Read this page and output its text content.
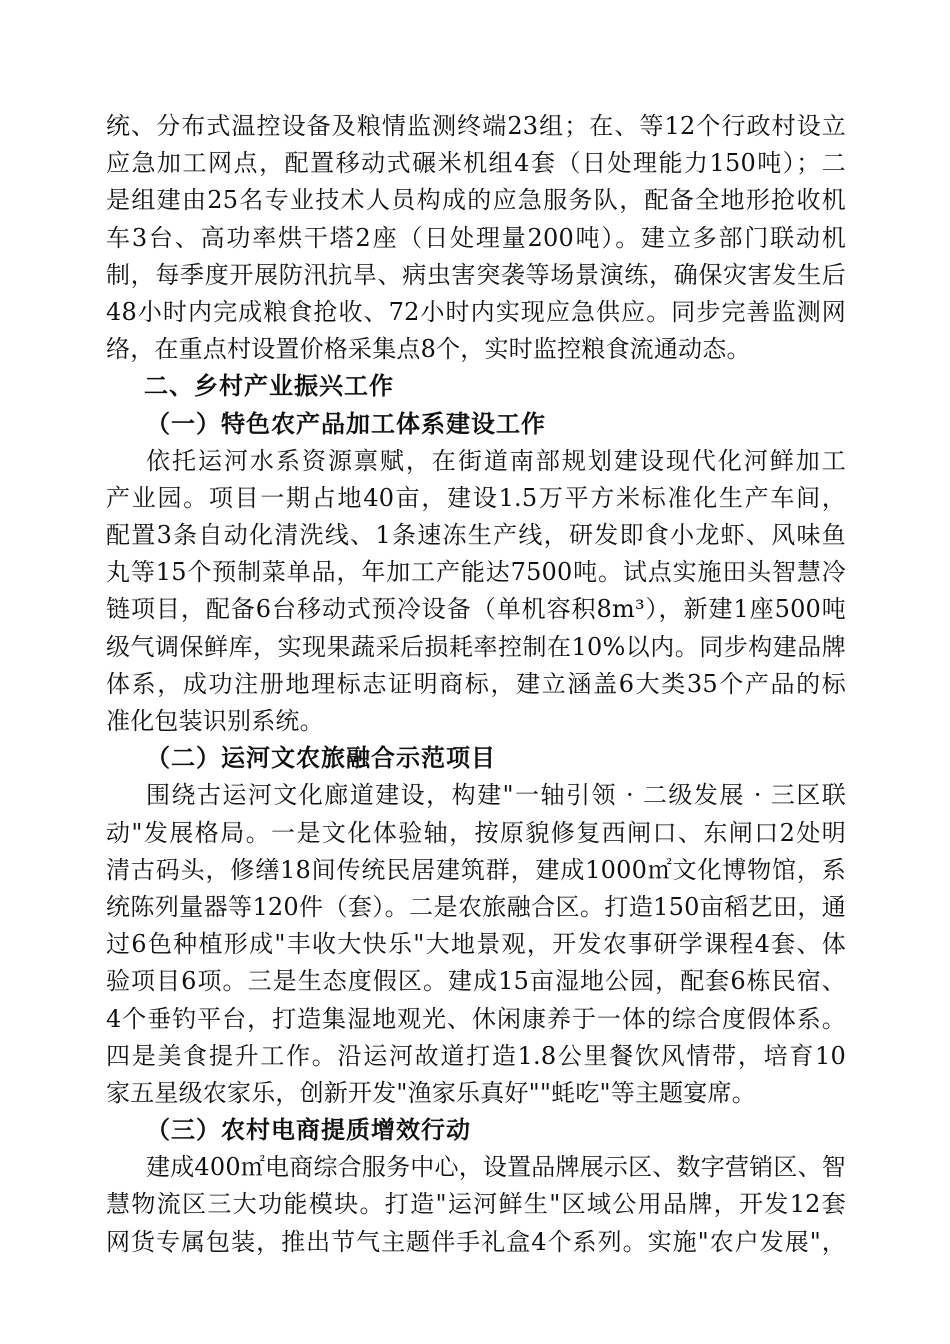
统、分布式温控设备及粮情监测终端23组；在、等12个行政村设立
应急加工网点，配置移动式碾米机组4套（日处理能力150吨）；二
是组建由25名专业技术人员构成的应急服务队，配备全地形抢收机
车3台、高功率烘干塔2座（日处理量200吨）。建立多部门联动机
制，每季度开展防汛抗旱、病虫害突袭等场景演练，确保灾害发生后
48小时内完成粮食抢收、72小时内实现应急供应。同步完善监测网
络，在重点村设置价格采集点8个，实时监控粮食流通动态。
二、乡村产业振兴工作
（一）特色农产品加工体系建设工作
依托运河水系资源禀赋，在街道南部规划建设现代化河鲜加工
产业园。项目一期占地40亩，建设1.5万平方米标准化生产车间，
配置3条自动化清洗线、1条速冻生产线，研发即食小龙虾、风味鱼
丸等15个预制菜单品，年加工产能达7500吨。试点实施田头智慧冷
链项目，配备6台移动式预冷设备（单机容积8m³），新建1座500吨
级气调保鲜库，实现果蔬采后损耗率控制在10%以内。同步构建品牌
体系，成功注册地理标志证明商标，建立涵盖6大类35个产品的标
准化包装识别系统。
（二）运河文农旅融合示范项目
围绕古运河文化廊道建设，构建"一轴引领 · 二级发展 · 三区联
动"发展格局。一是文化体验轴，按原貌修复西闸口、东闸口2处明
清古码头，修缮18间传统民居建筑群，建成1000㎡文化博物馆，系
统陈列量器等120件（套）。二是农旅融合区。打造150亩稻艺田，通
过6色种植形成"丰收大快乐"大地景观，开发农事研学课程4套、体
验项目6项。三是生态度假区。建成15亩湿地公园，配套6栋民宿、
4个垂钓平台，打造集湿地观光、休闲康养于一体的综合度假体系。
四是美食提升工作。沿运河故道打造1.8公里餐饮风情带，培育10
家五星级农家乐，创新开发"渔家乐真好""蚝吃"等主题宴席。
（三）农村电商提质增效行动
建成400㎡电商综合服务中心，设置品牌展示区、数字营销区、智
慧物流区三大功能模块。打造"运河鲜生"区域公用品牌，开发12套
网货专属包装，推出节气主题伴手礼盒4个系列。实施"农户发展"，
